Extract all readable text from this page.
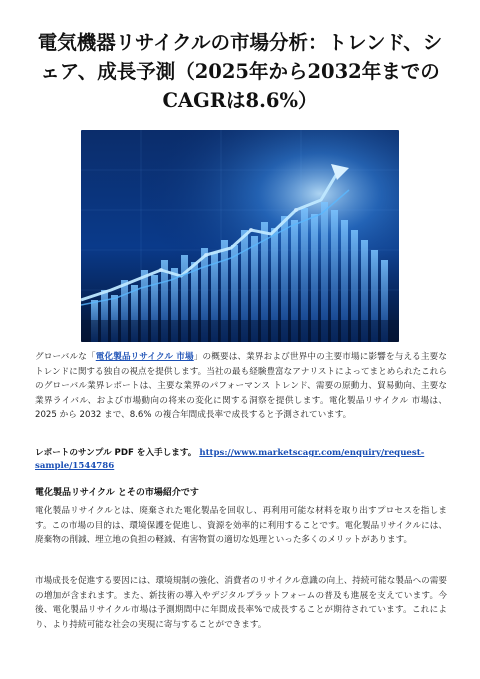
電気機器リサイクルの市場分析：トレンド、シェア、成長予測（2025年から2032年までのCAGRは8.6%）

グローバルな「電化製品リサイクル 市場」の概要は、業界および世界中の主要市場に影響を与える主要なトレンドに関する独自の視点を提供します。当社の最も経験豊富なアナリストによってまとめられたこれらのグローバル業界レポートは、主要な業界のパフォーマンス トレンド、需要の原動力、貿易動向、主要な業界ライバル、および市場動向の将来の変化に関する洞察を提供します。電化製品リサイクル 市場は、2025 から 2032 まで、8.6% の複合年間成長率で成長すると予測されています。

レポートのサンプル PDF を入手します。 https://www.marketscagr.com/enquiry/request-sample/1544786

電化製品リサイクル とその市場紹介です

電化製品リサイクルとは、廃棄された電化製品を回収し、再利用可能な材料を取り出すプロセスを指します。この市場の目的は、環境保護を促進し、資源を効率的に利用することです。電化製品リサイクルには、廃棄物の削減、埋立地の負担の軽減、有害物質の適切な処理といった多くのメリットがあります。

市場成長を促進する要因には、環境規制の強化、消費者のリサイクル意識の向上、持続可能な製品への需要の増加が含まれます。また、新技術の導入やデジタルプラットフォームの普及も進展を支えています。今後、電化製品リサイクル市場は予測期間中に年間成長率%で成長することが期待されています。これにより、より持続可能な社会の実現に寄与することができます。
